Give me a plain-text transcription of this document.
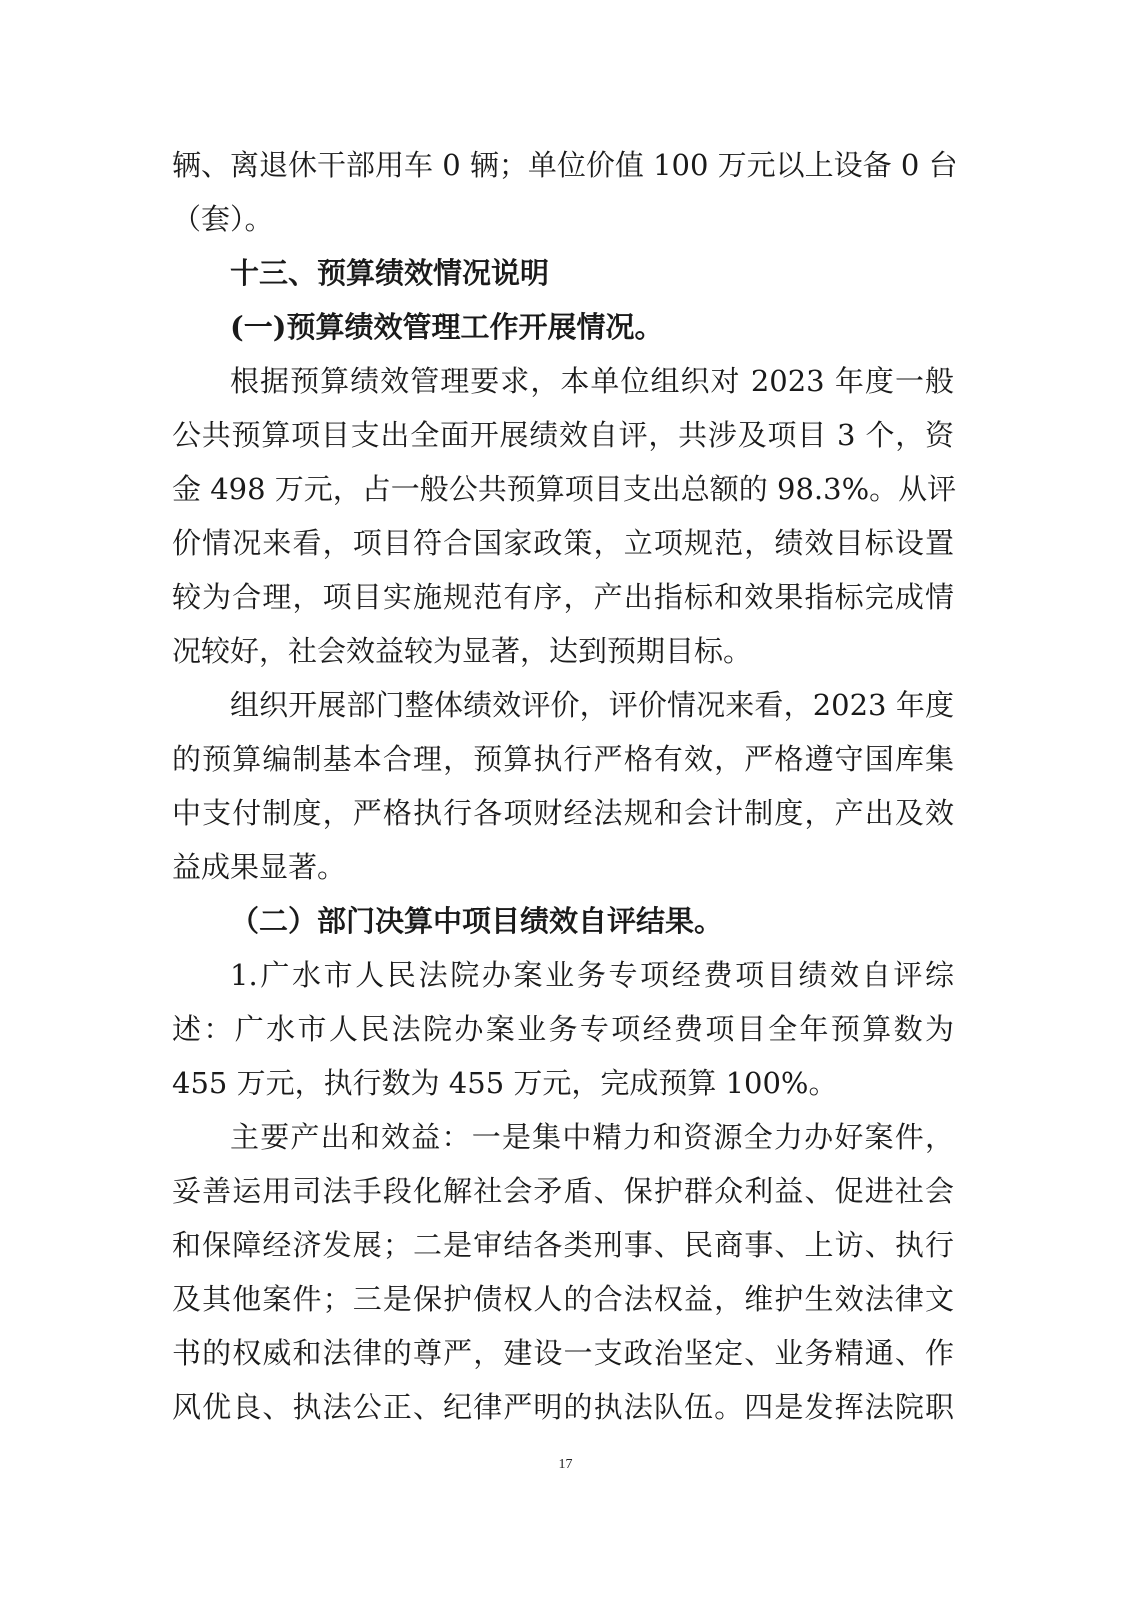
辆、离退休干部用车 0 辆；单位价值 100 万元以上设备 0 台
（套）。
十三、预算绩效情况说明
(一)预算绩效管理工作开展情况。
根据预算绩效管理要求，本单位组织对 2023 年度一般
公共预算项目支出全面开展绩效自评，共涉及项目 3 个，资
金 498 万元，占一般公共预算项目支出总额的 98.3%。从评
价情况来看，项目符合国家政策，立项规范，绩效目标设置
较为合理，项目实施规范有序，产出指标和效果指标完成情
况较好，社会效益较为显著，达到预期目标。
组织开展部门整体绩效评价，评价情况来看，2023 年度
的预算编制基本合理，预算执行严格有效，严格遵守国库集
中支付制度，严格执行各项财经法规和会计制度，产出及效
益成果显著。
（二）部门决算中项目绩效自评结果。
1.广水市人民法院办案业务专项经费项目绩效自评综
述：广水市人民法院办案业务专项经费项目全年预算数为
455 万元，执行数为 455 万元，完成预算 100%。
主要产出和效益：一是集中精力和资源全力办好案件，
妥善运用司法手段化解社会矛盾、保护群众利益、促进社会
和保障经济发展；二是审结各类刑事、民商事、上访、执行
及其他案件；三是保护债权人的合法权益，维护生效法律文
书的权威和法律的尊严，建设一支政治坚定、业务精通、作
风优良、执法公正、纪律严明的执法队伍。四是发挥法院职
17
